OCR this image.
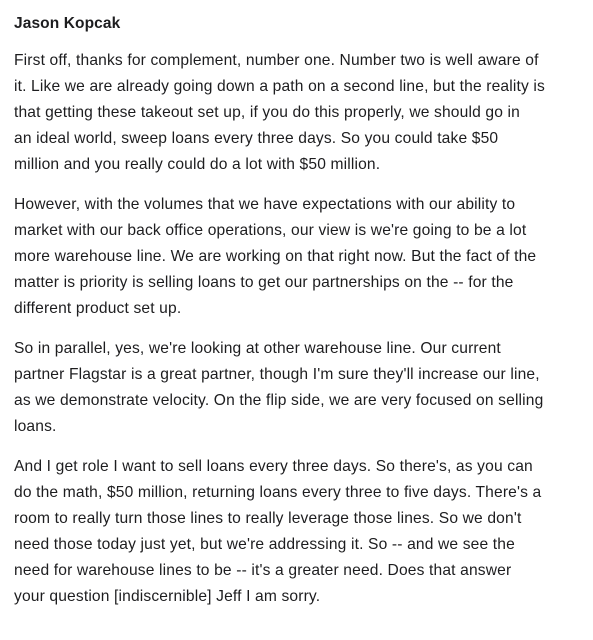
Jason Kopcak

First off, thanks for complement, number one. Number two is well aware of
it. Like we are already going down a path on a second line, but the reality is
that getting these takeout set up, if you do this properly, we should go in
an ideal world, sweep loans every three days. So you could take $50
million and you really could do a lot with $50 million.

However, with the volumes that we have expectations with our ability to
market with our back office operations, our view is we're going to be a lot
more warehouse line. We are working on that right now. But the fact of the
matter is priority is selling loans to get our partnerships on the -- for the
different product set up.

So in parallel, yes, we're looking at other warehouse line. Our current
partner Flagstar is a great partner, though I'm sure they'll increase our line,
as we demonstrate velocity. On the flip side, we are very focused on selling
loans.

And I get role I want to sell loans every three days. So there's, as you can
do the math, $50 million, returning loans every three to five days. There's a
room to really turn those lines to really leverage those lines. So we don't
need those today just yet, but we're addressing it. So -- and we see the
need for warehouse lines to be -- it's a greater need. Does that answer
your question [indiscernible] Jeff I am sorry.
